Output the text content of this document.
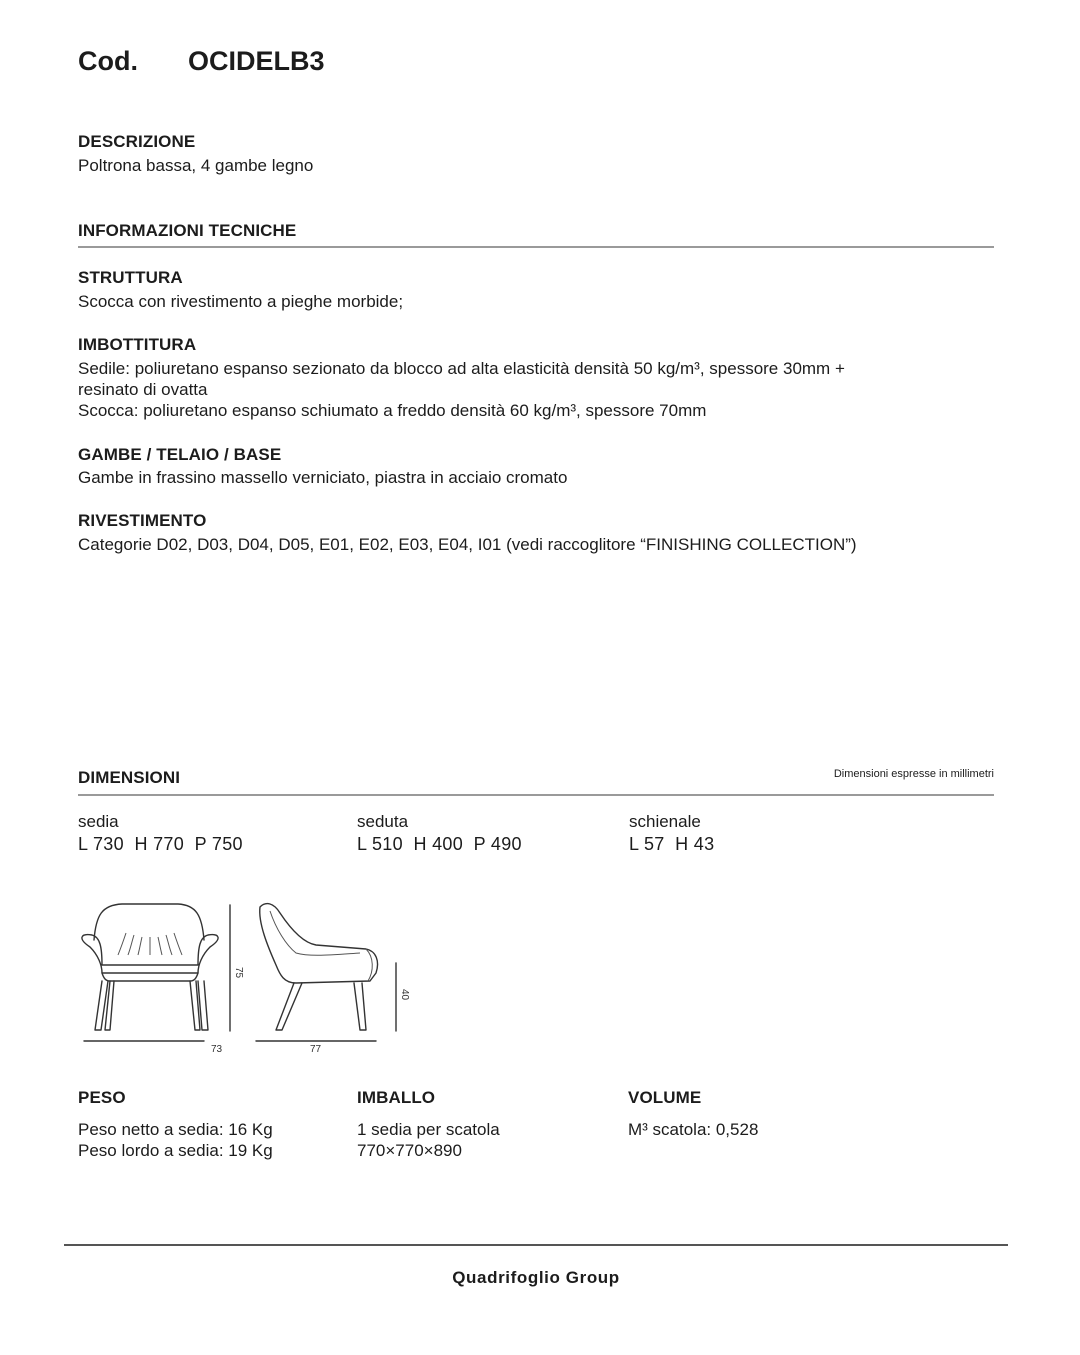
Cod.	OCIDELB3
DESCRIZIONE
Poltrona bassa, 4 gambe legno
INFORMAZIONI TECNICHE
STRUTTURA
Scocca con rivestimento a pieghe morbide;
IMBOTTITURA
Sedile: poliuretano espanso sezionato da blocco ad alta elasticità densità 50 kg/m³, spessore 30mm +
resinato di ovatta
Scocca: poliuretano espanso schiumato a freddo densità 60 kg/m³, spessore 70mm
GAMBE / TELAIO / BASE
Gambe in frassino massello verniciato, piastra in acciaio cromato
RIVESTIMENTO
Categorie D02, D03, D04, D05, E01, E02, E03, E04, I01 (vedi raccoglitore “FINISHING COLLECTION”)
DIMENSIONI	Dimensioni espresse in millimetri
sedia
L 730  H 770  P 750
seduta
L 510  H 400  P 490
schienale
L 57  H 43
73
75
77
40
PESO
Peso netto a sedia: 16 Kg
Peso lordo a sedia: 19 Kg
IMBALLO
1 sedia per scatola
770×770×890
VOLUME
M³ scatola: 0,528
Quadrifoglio Group
